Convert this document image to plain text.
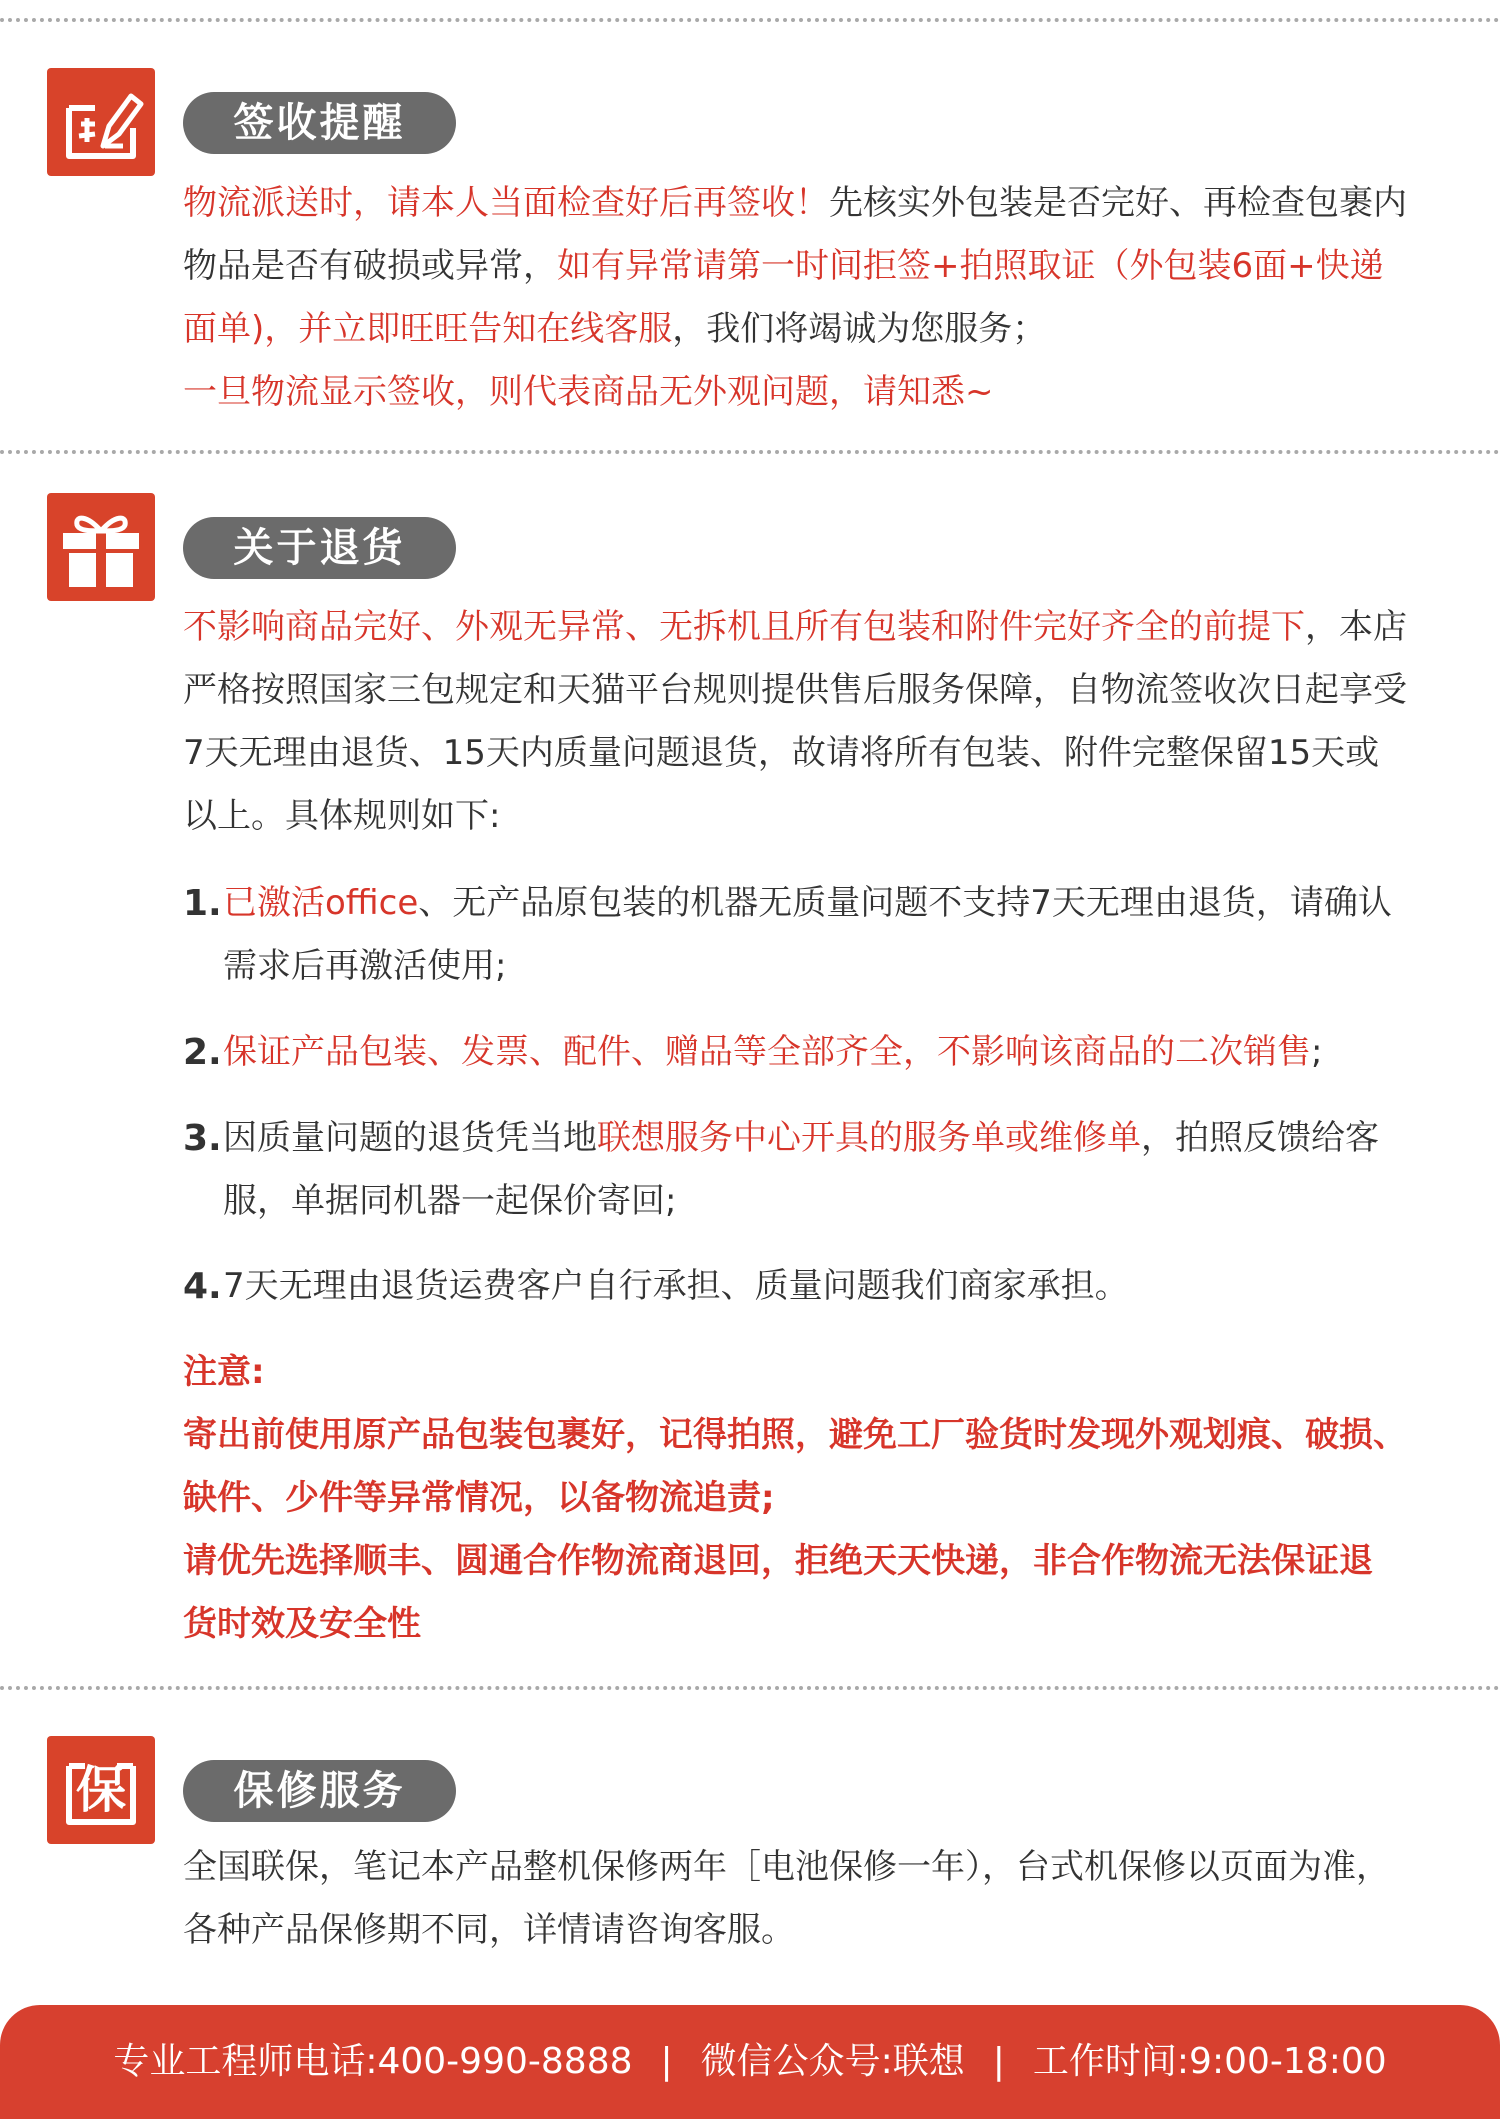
签收提醒

物流派送时，请本人当面检查好后再签收！先核实外包装是否完好、再检查包裹内物品是否有破损或异常，如有异常请第一时间拒签+拍照取证（外包装6面+快递面单)，并立即旺旺告知在线客服，我们将竭诚为您服务；
一旦物流显示签收，则代表商品无外观问题，请知悉~

关于退货

不影响商品完好、外观无异常、无拆机且所有包装和附件完好齐全的前提下，本店严格按照国家三包规定和天猫平台规则提供售后服务保障，自物流签收次日起享受7天无理由退货、15天内质量问题退货，故请将所有包装、附件完整保留15天或以上。具体规则如下:

1. 已激活office、无产品原包装的机器无质量问题不支持7天无理由退货，请确认需求后再激活使用;
2. 保证产品包装、发票、配件、赠品等全部齐全，不影响该商品的二次销售;
3. 因质量问题的退货凭当地联想服务中心开具的服务单或维修单，拍照反馈给客服，单据同机器一起保价寄回;
4. 7天无理由退货运费客户自行承担、质量问题我们商家承担。

注意:
寄出前使用原产品包装包裹好，记得拍照，避免工厂验货时发现外观划痕、破损、 缺件、少件等异常情况，以备物流追责;
请优先选择顺丰、圆通合作物流商退回，拒绝天天快递，非合作物流无法保证退 货时效及安全性

保	保修服务

全国联保，笔记本产品整机保修两年［电池保修一年），台式机保修以页面为准， 各种产品保修期不同，详情请咨询客服。

专业工程师电话:400-990-8888 | 微信公众号:联想 | 工作时间:9:00-18:00
